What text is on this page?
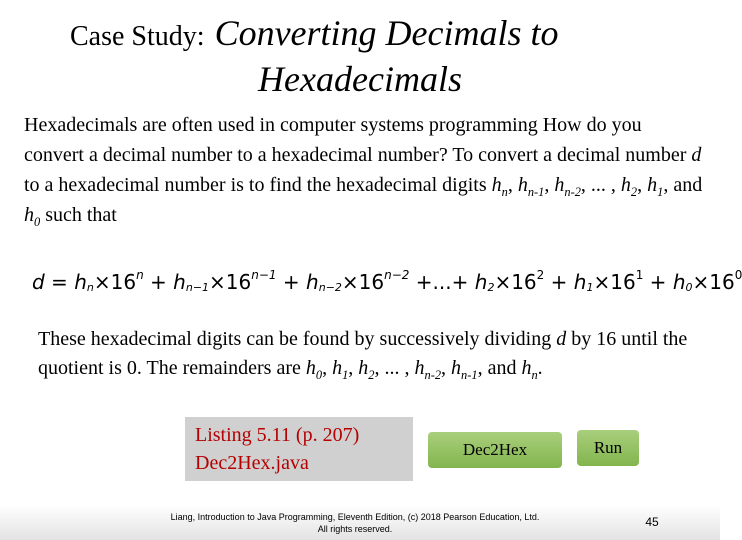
Case Study: Converting Decimals to
Hexadecimals
Hexadecimals are often used in computer systems programming How do you convert a decimal number to a hexadecimal number? To convert a decimal number d to a hexadecimal number is to find the hexadecimal digits $h_n$, $h_{n-1}$, $h_{n-2}$, ... , $h_2$, $h_1$, and $h_0$ such that
$d = hn\times 16^n + hn-1\times 16^{n-1} + hn-2\times 16^{n-2}$ +...+ $h2\times 16^2 + h1\times 16^1 + h0\times 16^0$
These hexadecimal digits can be found by successively dividing d by 16 until the quotient is 0. The remainders are $h_0$, $h_1$, $h_2$, ... , $h_{n-2}$, $h_{n-1}$, and $h_n$.
Listing 5.11 (p. 207)
Dec2Hex.java
Dec2Hex	Run
Liang, Introduction to Java Programming, Eleventh Edition, (c) 2018 Pearson Education, Ltd.
All rights reserved.	45
